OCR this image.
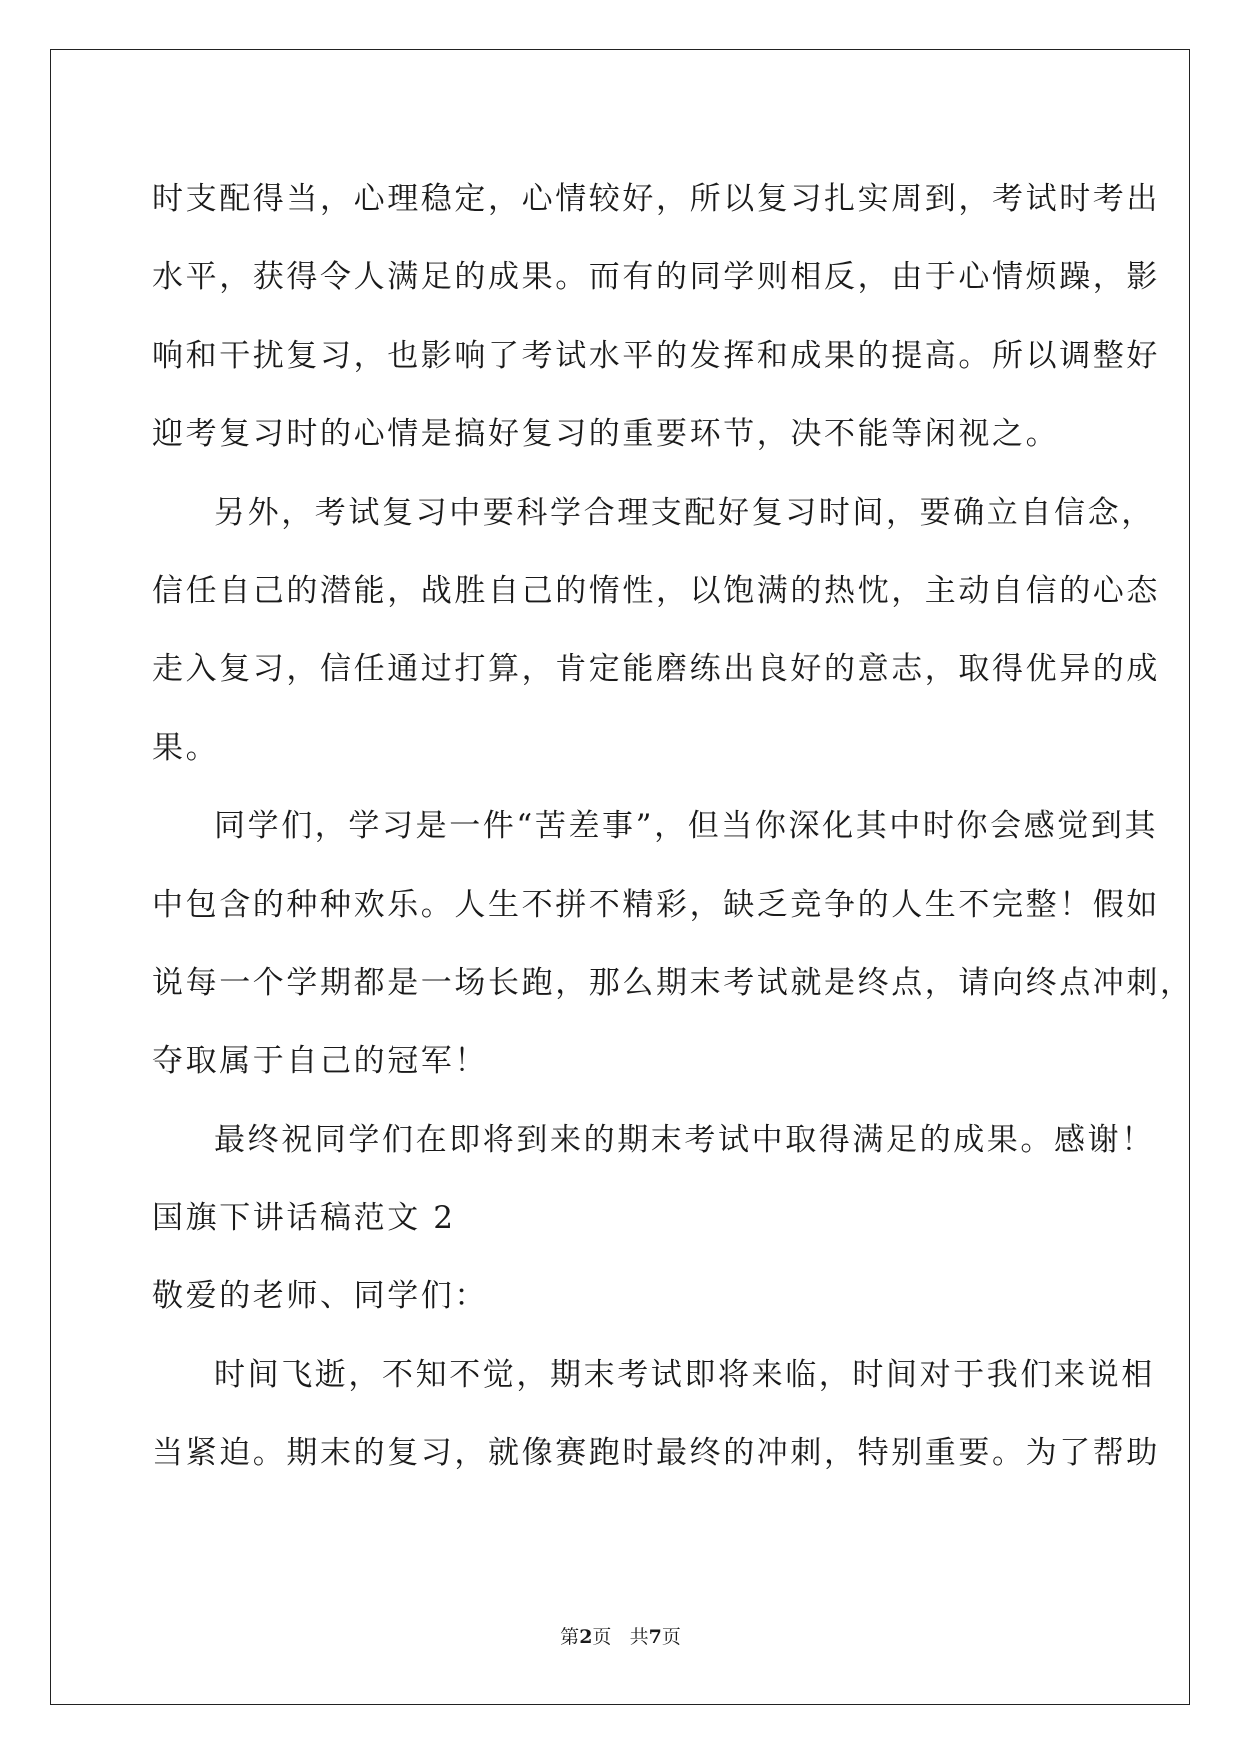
时支配得当，心理稳定，心情较好，所以复习扎实周到，考试时考出
水平，获得令人满足的成果。而有的同学则相反，由于心情烦躁，影
响和干扰复习，也影响了考试水平的发挥和成果的提高。所以调整好
迎考复习时的心情是搞好复习的重要环节，决不能等闲视之。
另外，考试复习中要科学合理支配好复习时间，要确立自信念，
信任自己的潜能，战胜自己的惰性，以饱满的热忱，主动自信的心态
走入复习，信任通过打算，肯定能磨练出良好的意志，取得优异的成
果。
同学们，学习是一件“苦差事”，但当你深化其中时你会感觉到其
中包含的种种欢乐。人生不拼不精彩，缺乏竞争的人生不完整！假如
说每一个学期都是一场长跑，那么期末考试就是终点，请向终点冲刺，
夺取属于自己的冠军！
最终祝同学们在即将到来的期末考试中取得满足的成果。感谢！
国旗下讲话稿范文 2
敬爱的老师、同学们：
时间飞逝，不知不觉，期末考试即将来临，时间对于我们来说相
当紧迫。期末的复习，就像赛跑时最终的冲刺，特别重要。为了帮助
第2页 共7页
